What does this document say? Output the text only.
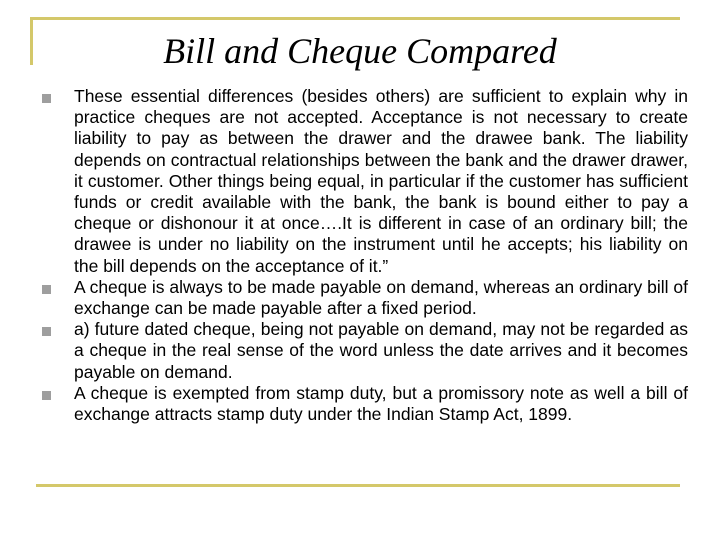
Bill and Cheque Compared
These essential differences (besides others) are sufficient to explain why in practice cheques are not accepted. Acceptance is not necessary to create liability to pay as between the drawer and the drawee bank. The liability depends on contractual relationships between the bank and the drawer drawer, it customer. Other things being equal, in particular if the customer has sufficient funds or credit available with the bank, the bank is bound either to pay a cheque or dishonour it at once….It is different in case of an ordinary bill; the drawee is under no liability on the instrument until he accepts; his liability on the bill depends on the acceptance of it.”
A cheque is always to be made payable on demand, whereas an ordinary bill of exchange can be made payable after a fixed period.
a) future dated cheque, being not payable on demand, may not be regarded as a cheque in the real sense of the word unless the date arrives and it becomes payable on demand.
A cheque is exempted from stamp duty, but a promissory note as well a bill of exchange attracts stamp duty under the Indian Stamp Act, 1899.
